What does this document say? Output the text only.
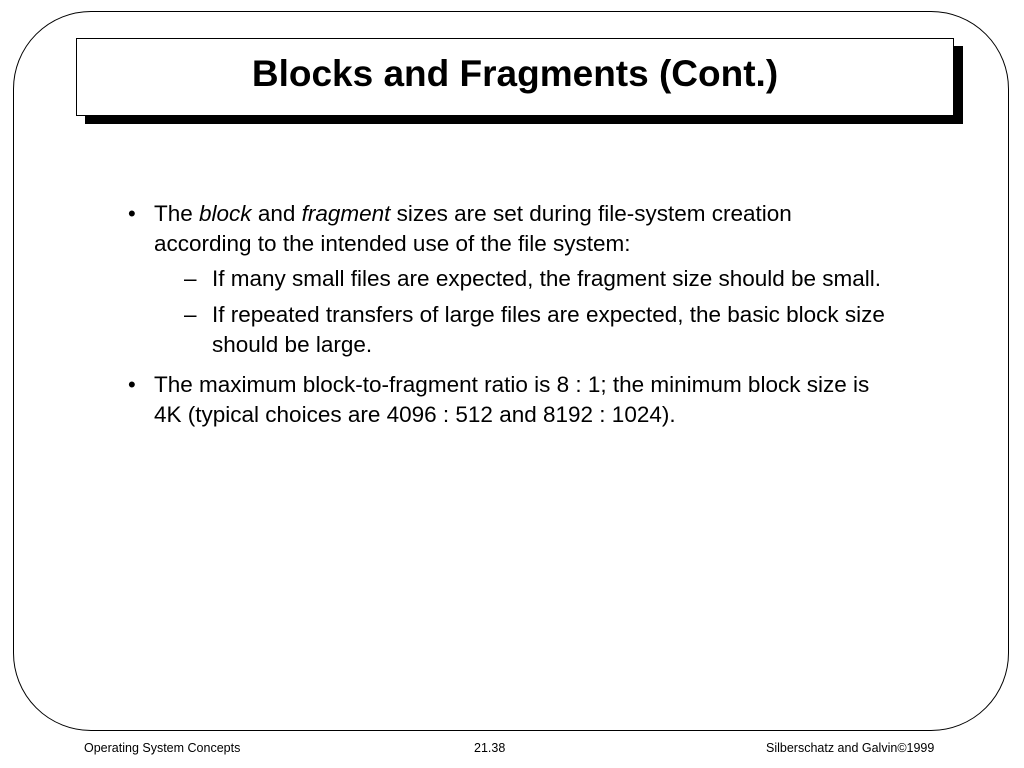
Blocks and Fragments (Cont.)
• The block and fragment sizes are set during file-system creation according to the intended use of the file system:
– If many small files are expected, the fragment size should be small.
– If repeated transfers of large files are expected, the basic block size should be large.
• The maximum block-to-fragment ratio is 8 : 1; the minimum block size is 4K (typical choices are 4096 : 512 and 8192 : 1024).
Operating System Concepts	21.38	Silberschatz and Galvin©1999
